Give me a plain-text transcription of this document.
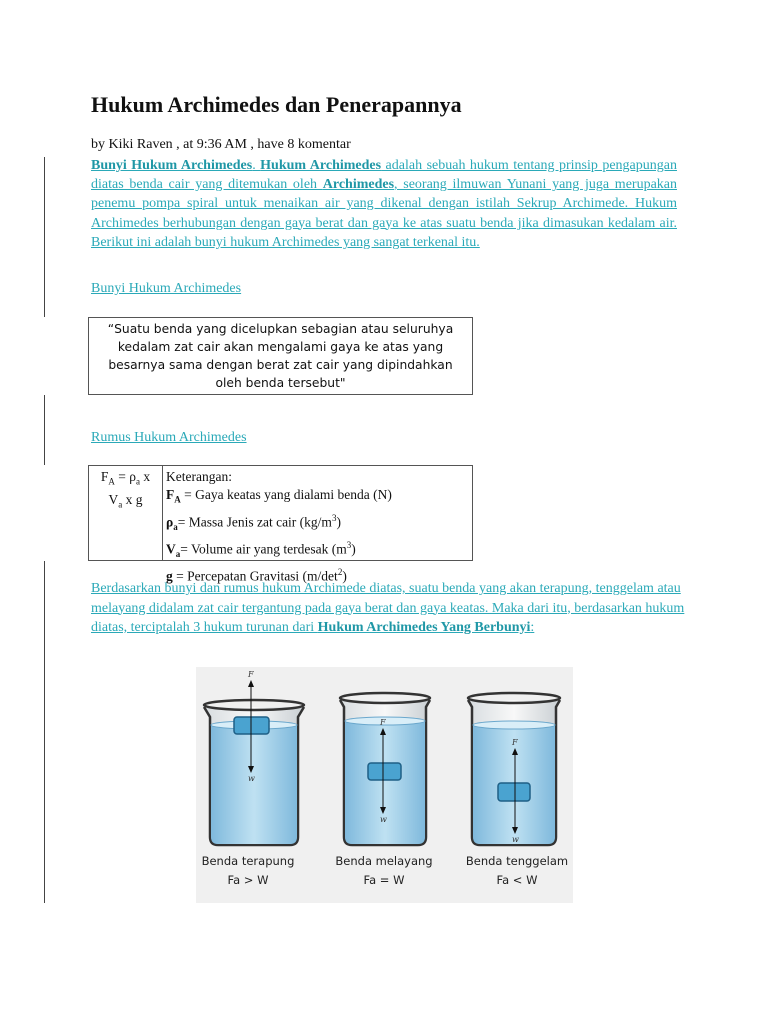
Hukum Archimedes dan Penerapannya
by Kiki Raven , at 9:36 AM , have 8 komentar

Bunyi Hukum Archimedes. Hukum Archimedes adalah sebuah hukum tentang prinsip pengapungan diatas benda cair yang ditemukan oleh Archimedes, seorang ilmuwan Yunani yang juga merupakan penemu pompa spiral untuk menaikan air yang dikenal dengan istilah Sekrup Archimede. Hukum Archimedes berhubungan dengan gaya berat dan gaya ke atas suatu benda jika dimasukan kedalam air. Berikut ini adalah bunyi hukum Archimedes yang sangat terkenal itu.

Bunyi Hukum Archimedes
“Suatu benda yang dicelupkan sebagian atau seluruhya kedalam zat cair akan mengalami gaya ke atas yang besarnya sama dengan berat zat cair yang dipindahkan oleh benda tersebut"
Rumus Hukum Archimedes
$F_A = \rho_a$ x
$V_a$ x g
Keterangan:
$F_A$ = Gaya keatas yang dialami benda (N)
$\rho_a=$ Massa Jenis zat cair $(kg/m^3)$
$V_a=$ Volume air yang terdesak $(m^3)$
g = Percepatan Gravitasi $(m/\det^2)$

Berdasarkan bunyi dan rumus hukum Archimede diatas, suatu benda yang akan terapung, tenggelam atau melayang didalam zat cair tergantung pada gaya berat dan gaya keatas. Maka dari itu, berdasarkan hukum diatas, terciptalah 3 hukum turunan dari Hukum Archimedes Yang Berbunyi:

F
w
F
w
F
w
Benda terapung
Fa > W
Benda melayang
Fa = W
Benda tenggelam
Fa < W
